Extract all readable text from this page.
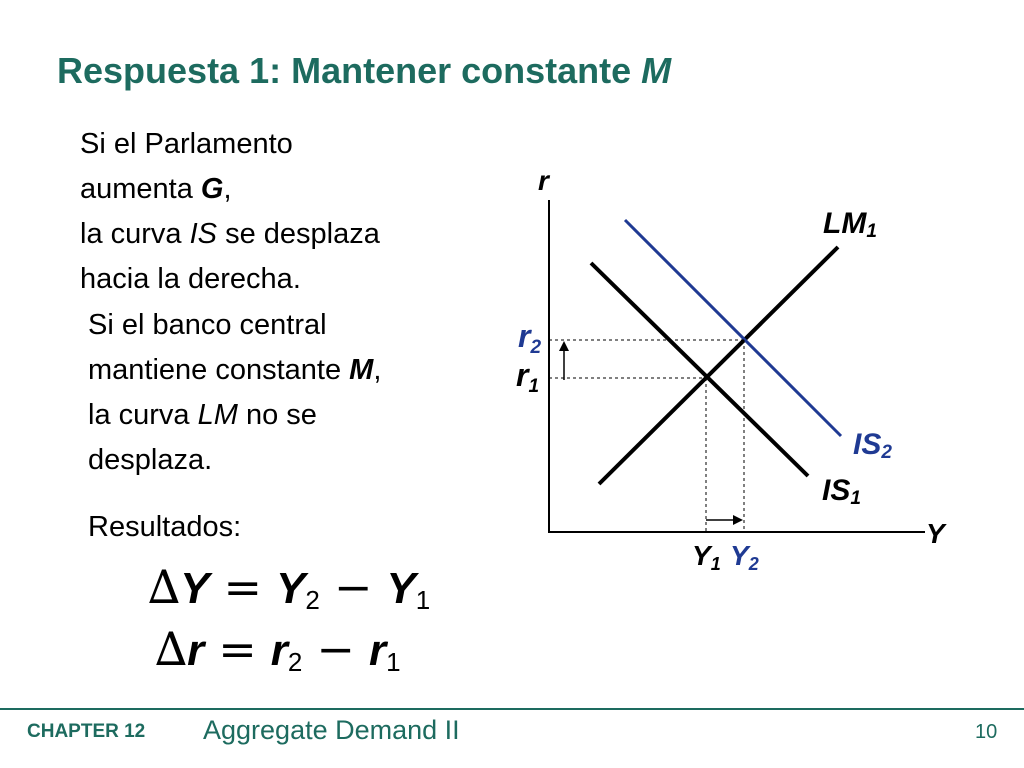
Respuesta 1: Mantener constante M
Si el Parlamento
aumenta G,
la curva IS se desplaza
hacia la derecha.
Si el banco central
mantiene constante M,
la curva LM no se
desplaza.
Resultados:
$\Delta Y = Y_2 - Y_1$
$\Delta r = r_2 - r_1$
r
Y
LM1
IS2
IS1
r2
r1
Y1 Y2
CHAPTER 12 Aggregate Demand II	10
